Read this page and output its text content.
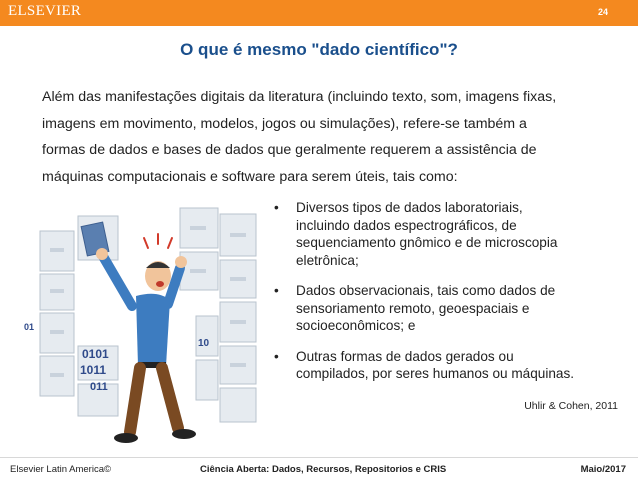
ELSEVIER	24
O que é mesmo "dado científico"?
Além das manifestações digitais da literatura (incluindo texto, som, imagens fixas,
imagens em movimento, modelos, jogos ou simulações), refere-se também a
formas de dados e bases de dados que geralmente requerem a assistência de
máquinas computacionais e software para serem úteis, tais como:
01
0101
1011
011
10
• Diversos tipos de dados laboratoriais,
incluindo dados espectrográficos, de
sequenciamento gnômico e de microscopia
eletrônica;
• Dados observacionais, tais como dados de
sensoriamento remoto, geoespaciais e
socioeconômicos; e
• Outras formas de dados gerados ou
compilados, por seres humanos ou máquinas.
Uhlir & Cohen, 2011
Elsevier Latin America©	Ciência Aberta: Dados, Recursos, Repositorios e CRIS	Maio/2017
